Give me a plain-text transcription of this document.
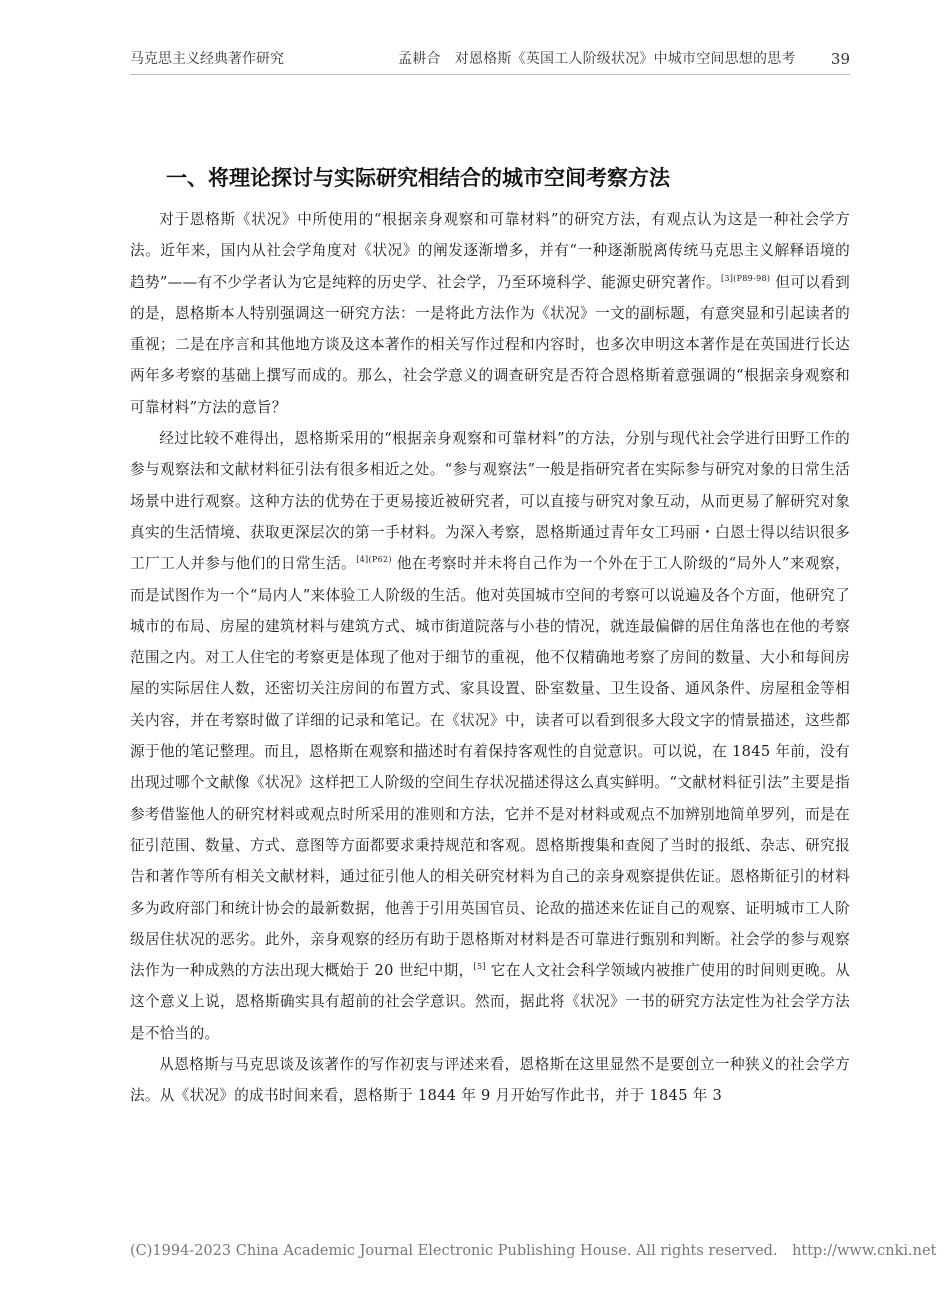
马克思主义经典著作研究	孟耕合　对恩格斯《英国工人阶级状况》中城市空间思想的思考 39
一、将理论探讨与实际研究相结合的城市空间考察方法

对于恩格斯《状况》中所使用的“根据亲身观察和可靠材料”的研究方法，有观点认为这是一种社会学方法。近年来，国内从社会学角度对《状况》的阐发逐渐增多，并有“一种逐渐脱离传统马克思主义解释语境的趋势”——有不少学者认为它是纯粹的历史学、社会学，乃至环境科学、能源史研究著作。$^{[3](P89-98)}$ 但可以看到的是，恩格斯本人特别强调这一研究方法：一是将此方法作为《状况》一文的副标题，有意突显和引起读者的重视；二是在序言和其他地方谈及这本著作的相关写作过程和内容时，也多次申明这本著作是在英国进行长达两年多考察的基础上撰写而成的。那么，社会学意义的调查研究是否符合恩格斯着意强调的“根据亲身观察和可靠材料”方法的意旨？

经过比较不难得出，恩格斯采用的“根据亲身观察和可靠材料”的方法，分别与现代社会学进行田野工作的参与观察法和文献材料征引法有很多相近之处。“参与观察法”一般是指研究者在实际参与研究对象的日常生活场景中进行观察。这种方法的优势在于更易接近被研究者，可以直接与研究对象互动，从而更易了解研究对象真实的生活情境、获取更深层次的第一手材料。为深入考察，恩格斯通过青年女工玛丽・白恩士得以结识很多工厂工人并参与他们的日常生活。$^{[4](P62)}$ 他在考察时并未将自己作为一个外在于工人阶级的“局外人”来观察，而是试图作为一个“局内人”来体验工人阶级的生活。他对英国城市空间的考察可以说遍及各个方面，他研究了城市的布局、房屋的建筑材料与建筑方式、城市街道院落与小巷的情况，就连最偏僻的居住角落也在他的考察范围之内。对工人住宅的考察更是体现了他对于细节的重视，他不仅精确地考察了房间的数量、大小和每间房屋的实际居住人数，还密切关注房间的布置方式、家具设置、卧室数量、卫生设备、通风条件、房屋租金等相关内容，并在考察时做了详细的记录和笔记。在《状况》中，读者可以看到很多大段文字的情景描述，这些都源于他的笔记整理。而且，恩格斯在观察和描述时有着保持客观性的自觉意识。可以说，在 1845 年前，没有出现过哪个文献像《状况》这样把工人阶级的空间生存状况描述得这么真实鲜明。“文献材料征引法”主要是指参考借鉴他人的研究材料或观点时所采用的准则和方法，它并不是对材料或观点不加辨别地简单罗列，而是在征引范围、数量、方式、意图等方面都要求秉持规范和客观。恩格斯搜集和查阅了当时的报纸、杂志、研究报告和著作等所有相关文献材料，通过征引他人的相关研究材料为自己的亲身观察提供佐证。恩格斯征引的材料多为政府部门和统计协会的最新数据，他善于引用英国官员、论敌的描述来佐证自己的观察、证明城市工人阶级居住状况的恶劣。此外，亲身观察的经历有助于恩格斯对材料是否可靠进行甄别和判断。社会学的参与观察法作为一种成熟的方法出现大概始于 20 世纪中期，[5] 它在人文社会科学领域内被推广使用的时间则更晚。从这个意义上说，恩格斯确实具有超前的社会学意识。然而，据此将《状况》一书的研究方法定性为社会学方法是不恰当的。

从恩格斯与马克思谈及该著作的写作初衷与评述来看，恩格斯在这里显然不是要创立一种狭义的社会学方法。从《状况》的成书时间来看，恩格斯于 1844 年 9 月开始写作此书，并于 1845 年 3

(C)1994-2023 China Academic Journal Electronic Publishing House. All rights reserved.　http://www.cnki.net
